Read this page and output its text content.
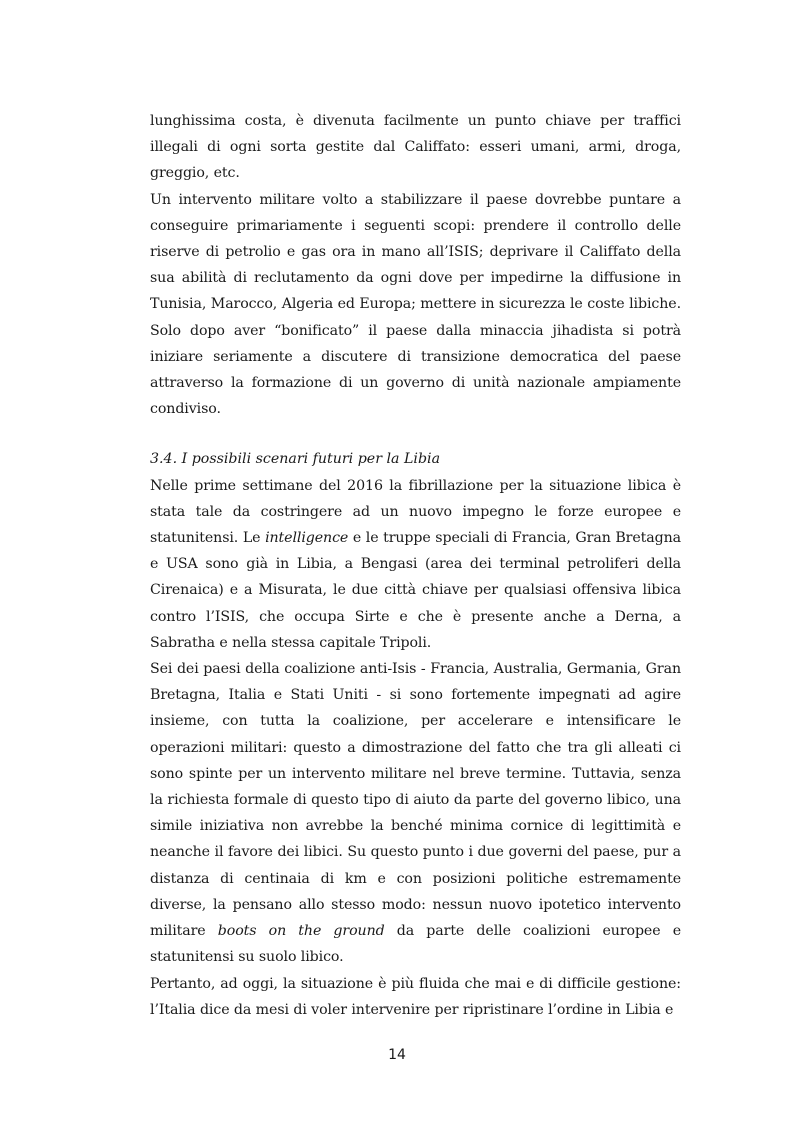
lunghissima costa, è divenuta facilmente un punto chiave per traffici illegali di ogni sorta gestite dal Califfato: esseri umani, armi, droga, greggio, etc.

Un intervento militare volto a stabilizzare il paese dovrebbe puntare a conseguire primariamente i seguenti scopi: prendere il controllo delle riserve di petrolio e gas ora in mano all’ISIS; deprivare il Califfato della sua abilità di reclutamento da ogni dove per impedirne la diffusione in Tunisia, Marocco, Algeria ed Europa; mettere in sicurezza le coste libiche. Solo dopo aver “bonificato” il paese dalla minaccia jihadista si potrà iniziare seriamente a discutere di transizione democratica del paese attraverso la formazione di un governo di unità nazionale ampiamente condiviso.

3.4. I possibili scenari futuri per la Libia

Nelle prime settimane del 2016 la fibrillazione per la situazione libica è stata tale da costringere ad un nuovo impegno le forze europee e statunitensi. Le intelligence e le truppe speciali di Francia, Gran Bretagna e USA sono già in Libia, a Bengasi (area dei terminal petroliferi della Cirenaica) e a Misurata, le due città chiave per qualsiasi offensiva libica contro l’ISIS, che occupa Sirte e che è presente anche a Derna, a Sabratha e nella stessa capitale Tripoli.

Sei dei paesi della coalizione anti-Isis - Francia, Australia, Germania, Gran Bretagna, Italia e Stati Uniti - si sono fortemente impegnati ad agire insieme, con tutta la coalizione, per accelerare e intensificare le operazioni militari: questo a dimostrazione del fatto che tra gli alleati ci sono spinte per un intervento militare nel breve termine. Tuttavia, senza la richiesta formale di questo tipo di aiuto da parte del governo libico, una simile iniziativa non avrebbe la benché minima cornice di legittimità e neanche il favore dei libici. Su questo punto i due governi del paese, pur a distanza di centinaia di km e con posizioni politiche estremamente diverse, la pensano allo stesso modo: nessun nuovo ipotetico intervento militare boots on the ground da parte delle coalizioni europee e statunitensi su suolo libico.

Pertanto, ad oggi, la situazione è più fluida che mai e di difficile gestione: l’Italia dice da mesi di voler intervenire per ripristinare l’ordine in Libia e

14
